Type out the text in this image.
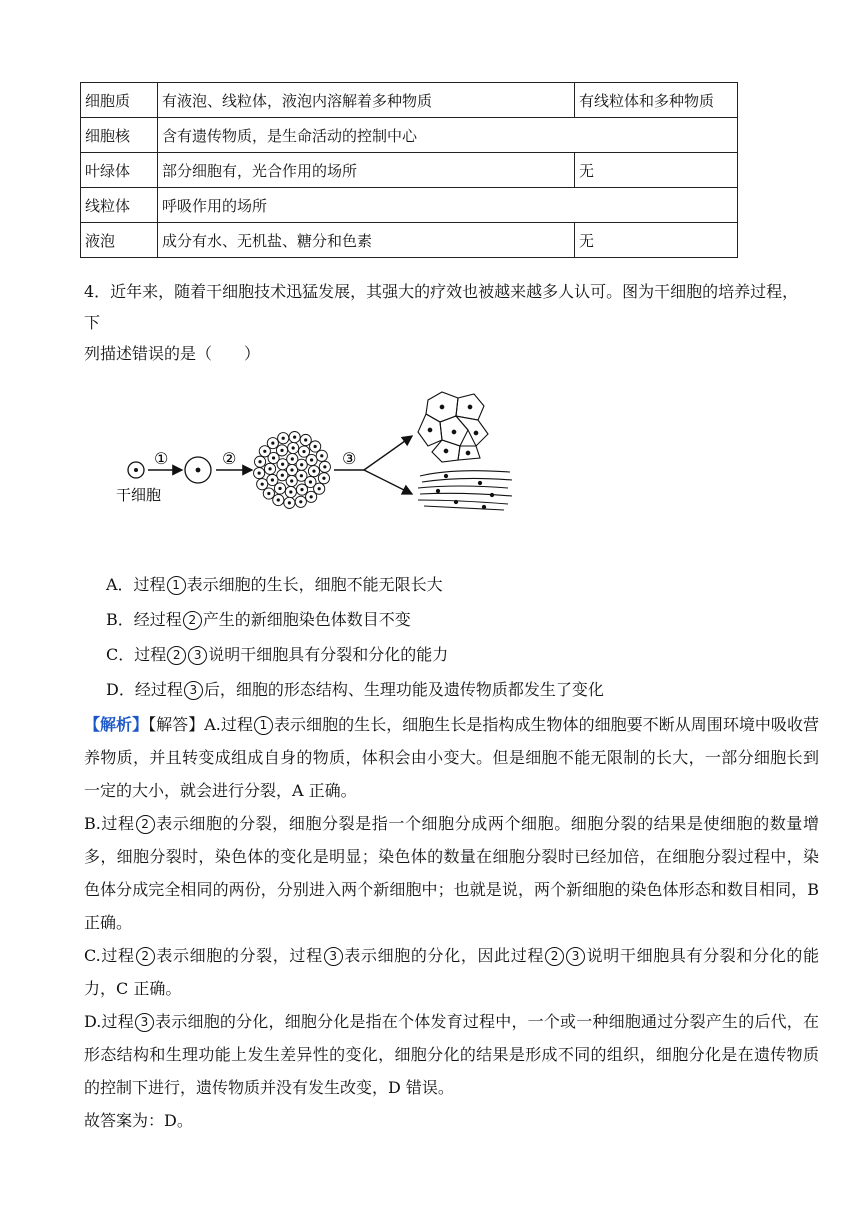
细胞质	有液泡、线粒体，液泡内溶解着多种物质	有线粒体和多种物质
细胞核	含有遗传物质，是生命活动的控制中心	
叶绿体	部分细胞有，光合作用的场所	无
线粒体	呼吸作用的场所	
液泡	成分有水、无机盐、糖分和色素	无
4．近年来，随着干细胞技术迅猛发展，其强大的疗效也被越来越多人认可。图为干细胞的培养过程，下
列描述错误的是（　　）
干细胞
①	②	③
A．过程 1 表示细胞的生长，细胞不能无限长大
B．经过程 2 产生的新细胞染色体数目不变
C．过程 2 3 说明干细胞具有分裂和分化的能力
D．经过程 3 后，细胞的形态结构、生理功能及遗传物质都发生了变化
【解析】【解答】A.过程 1 表示细胞的生长，细胞生长是指构成生物体的细胞要不断从周围环境中吸收营养物质，并且转变成组成自身的物质，体积会由小变大。但是细胞不能无限制的长大，一部分细胞长到一定的大小，就会进行分裂，A 正确。
B.过程 2 表示细胞的分裂，细胞分裂是指一个细胞分成两个细胞。细胞分裂的结果是使细胞的数量增多，细胞分裂时，染色体的变化是明显；染色体的数量在细胞分裂时已经加倍，在细胞分裂过程中，染色体分成完全相同的两份，分别进入两个新细胞中；也就是说，两个新细胞的染色体形态和数目相同，B 正确。
C.过程 2 表示细胞的分裂，过程 3 表示细胞的分化，因此过程 2 3 说明干细胞具有分裂和分化的能力，C 正确。
D.过程 3 表示细胞的分化，细胞分化是指在个体发育过程中，一个或一种细胞通过分裂产生的后代，在形态结构和生理功能上发生差异性的变化，细胞分化的结果是形成不同的组织，细胞分化是在遗传物质的控制下进行，遗传物质并没有发生改变，D 错误。
故答案为：D。
